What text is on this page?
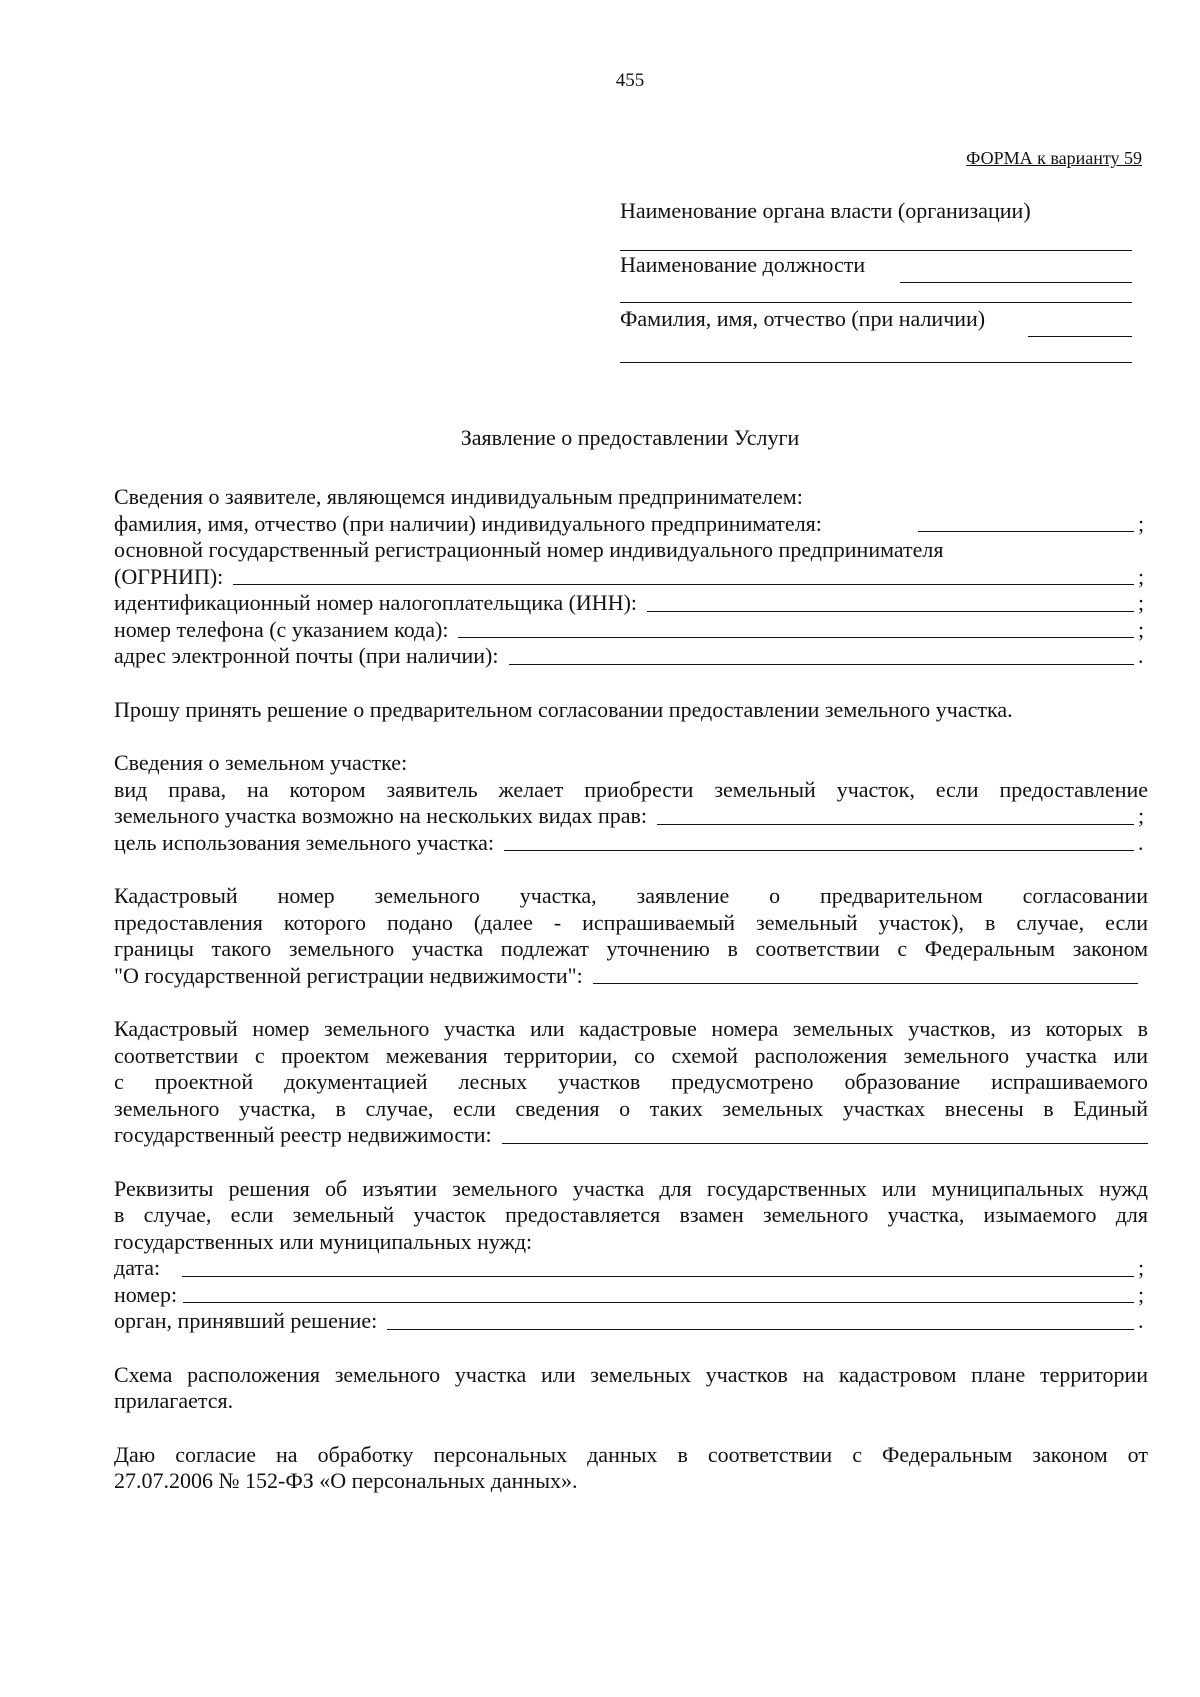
455
ФОРМА к варианту 59
Наименование органа власти (организации)
Наименование должности
Фамилия, имя, отчество (при наличии)
Заявление о предоставлении Услуги
Сведения о заявителе, являющемся индивидуальным предпринимателем:
фамилия, имя, отчество (при наличии) индивидуального предпринимателя:	;
основной государственный регистрационный номер индивидуального предпринимателя
(ОГРНИП):	;
идентификационный номер налогоплательщика (ИНН):	;
номер телефона (с указанием кода):	;
адрес электронной почты (при наличии):	.
Прошу принять решение о предварительном согласовании предоставлении земельного участка.
Сведения о земельном участке:
вид права, на котором заявитель желает приобрести земельный участок, если предоставление
земельного участка возможно на нескольких видах прав:	;
цель использования земельного участка:	.
Кадастровый номер земельного участка, заявление о предварительном согласовании
предоставления которого подано (далее - испрашиваемый земельный участок), в случае, если
границы такого земельного участка подлежат уточнению в соответствии с Федеральным законом
"О государственной регистрации недвижимости":
Кадастровый номер земельного участка или кадастровые номера земельных участков, из которых в
соответствии с проектом межевания территории, со схемой расположения земельного участка или
с проектной документацией лесных участков предусмотрено образование испрашиваемого
земельного участка, в случае, если сведения о таких земельных участках внесены в Единый
государственный реестр недвижимости:
Реквизиты решения об изъятии земельного участка для государственных или муниципальных нужд
в случае, если земельный участок предоставляется взамен земельного участка, изымаемого для
государственных или муниципальных нужд:
дата:	;
номер:	;
орган, принявший решение:	.
Схема расположения земельного участка или земельных участков на кадастровом плане территории
прилагается.
Даю согласие на обработку персональных данных в соответствии с Федеральным законом от
27.07.2006 № 152-ФЗ «О персональных данных».
